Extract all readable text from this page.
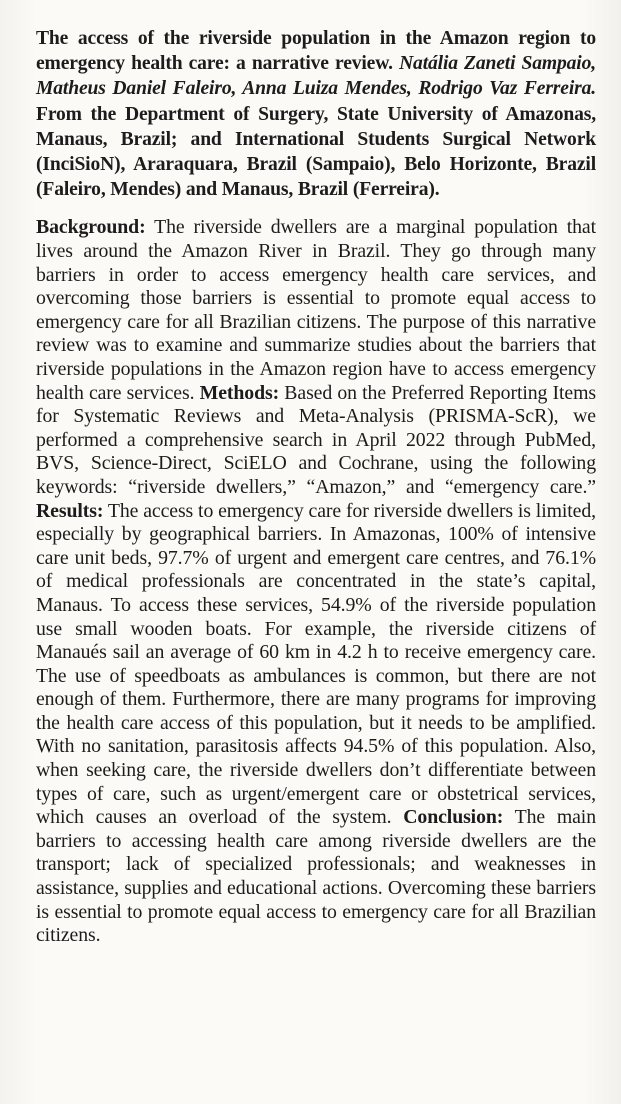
The access of the riverside population in the Amazon region to emergency health care: a narrative review. Natália Zaneti Sampaio, Matheus Daniel Faleiro, Anna Luiza Mendes, Rodrigo Vaz Ferreira. From the Department of Surgery, State University of Amazonas, Manaus, Brazil; and International Students Surgical Network (InciSioN), Araraquara, Brazil (Sampaio), Belo Horizonte, Brazil (Faleiro, Mendes) and Manaus, Brazil (Ferreira).

Background: The riverside dwellers are a marginal population that lives around the Amazon River in Brazil. They go through many barriers in order to access emergency health care services, and overcoming those barriers is essential to promote equal access to emergency care for all Brazilian citizens. The purpose of this narrative review was to examine and summarize studies about the barriers that riverside populations in the Amazon region have to access emergency health care services. Methods: Based on the Preferred Reporting Items for Systematic Reviews and Meta-Analysis (PRISMA-ScR), we performed a comprehensive search in April 2022 through PubMed, BVS, Science-Direct, SciELO and Cochrane, using the following keywords: “riverside dwellers,” “Amazon,” and “emergency care.” Results: The access to emergency care for riverside dwellers is limited, especially by geographical barriers. In Amazonas, 100% of intensive care unit beds, 97.7% of urgent and emergent care centres, and 76.1% of medical professionals are concentrated in the state’s capital, Manaus. To access these services, 54.9% of the riverside population use small wooden boats. For example, the riverside citizens of Manaués sail an average of 60 km in 4.2 h to receive emergency care. The use of speedboats as ambulances is common, but there are not enough of them. Furthermore, there are many programs for improving the health care access of this population, but it needs to be amplified. With no sanitation, parasitosis affects 94.5% of this population. Also, when seeking care, the riverside dwellers don’t differentiate between types of care, such as urgent/emergent care or obstetrical services, which causes an overload of the system. Conclusion: The main barriers to accessing health care among riverside dwellers are the transport; lack of specialized professionals; and weaknesses in assistance, supplies and educational actions. Overcoming these barriers is essential to promote equal access to emergency care for all Brazilian citizens.
